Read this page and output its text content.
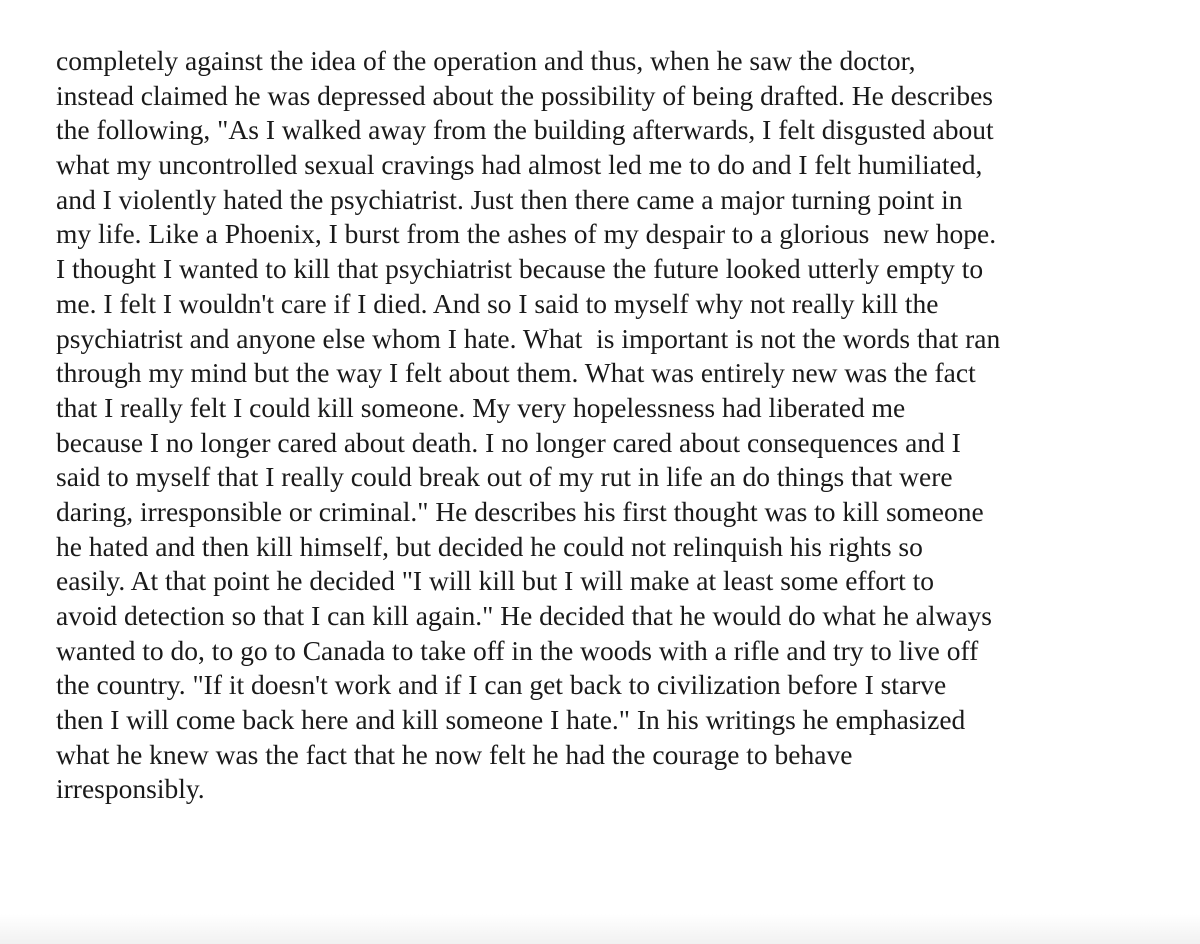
completely against the idea of the operation and thus, when he saw the doctor,
instead claimed he was depressed about the possibility of being drafted. He describes
the following, "As I walked away from the building afterwards, I felt disgusted about
what my uncontrolled sexual cravings had almost led me to do and I felt humiliated,
and I violently hated the psychiatrist. Just then there came a major turning point in
my life. Like a Phoenix, I burst from the ashes of my despair to a glorious  new hope.
I thought I wanted to kill that psychiatrist because the future looked utterly empty to
me. I felt I wouldn't care if I died. And so I said to myself why not really kill the
psychiatrist and anyone else whom I hate. What  is important is not the words that ran
through my mind but the way I felt about them. What was entirely new was the fact
that I really felt I could kill someone. My very hopelessness had liberated me
because I no longer cared about death. I no longer cared about consequences and I
said to myself that I really could break out of my rut in life an do things that were
daring, irresponsible or criminal." He describes his first thought was to kill someone
he hated and then kill himself, but decided he could not relinquish his rights so
easily. At that point he decided "I will kill but I will make at least some effort to
avoid detection so that I can kill again." He decided that he would do what he always
wanted to do, to go to Canada to take off in the woods with a rifle and try to live off
the country. "If it doesn't work and if I can get back to civilization before I starve
then I will come back here and kill someone I hate." In his writings he emphasized
what he knew was the fact that he now felt he had the courage to behave
irresponsibly.
